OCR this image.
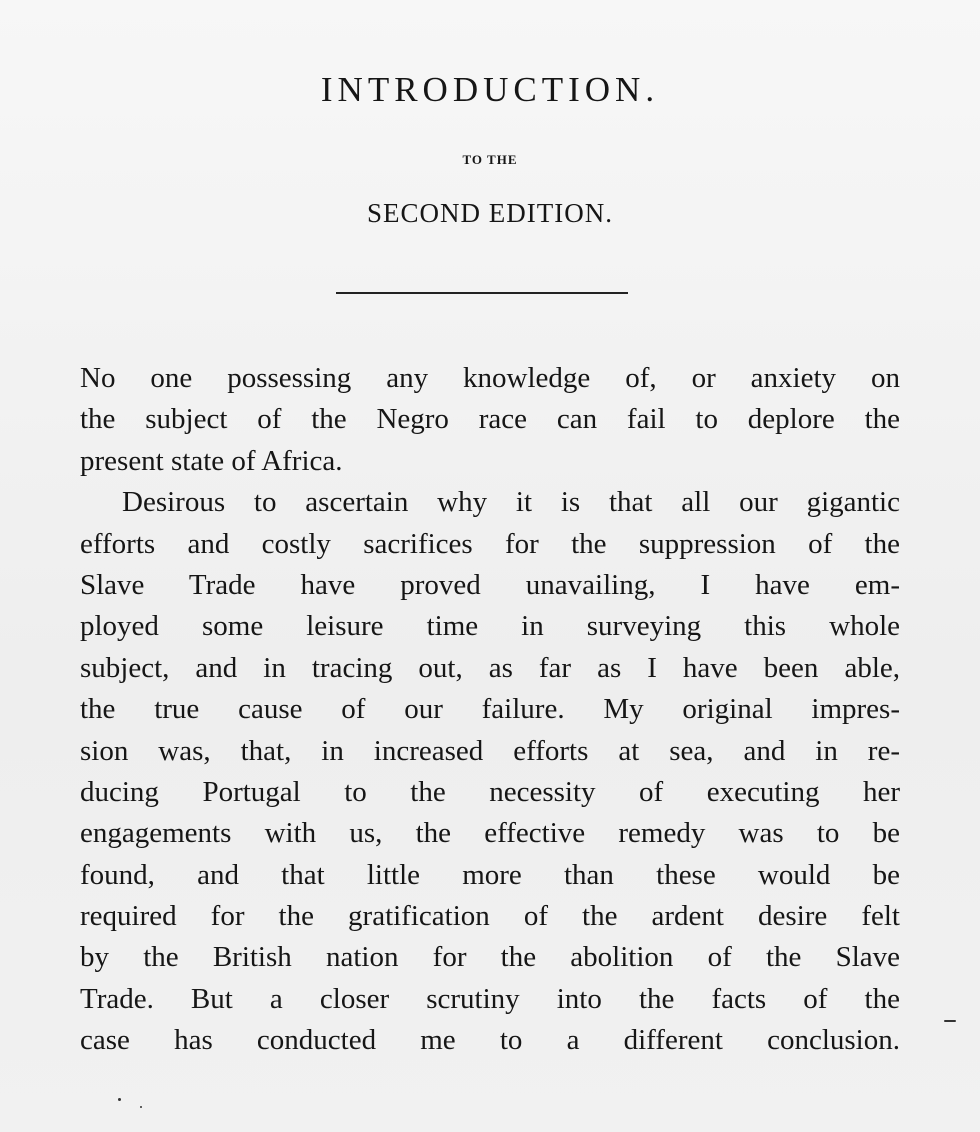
INTRODUCTION.
TO THE
SECOND EDITION.
No one possessing any knowledge of, or anxiety on
the subject of the Negro race can fail to deplore the
present state of Africa.
Desirous to ascertain why it is that all our gigantic
efforts and costly sacrifices for the suppression of the
Slave Trade have proved unavailing, I have em-
ployed some leisure time in surveying this whole
subject, and in tracing out, as far as I have been able,
the true cause of our failure. My original impres-
sion was, that, in increased efforts at sea, and in re-
ducing Portugal to the necessity of executing her
engagements with us, the effective remedy was to be
found, and that little more than these would be
required for the gratification of the ardent desire felt
by the British nation for the abolition of the Slave
Trade. But a closer scrutiny into the facts of the
case has conducted me to a different conclusion.
